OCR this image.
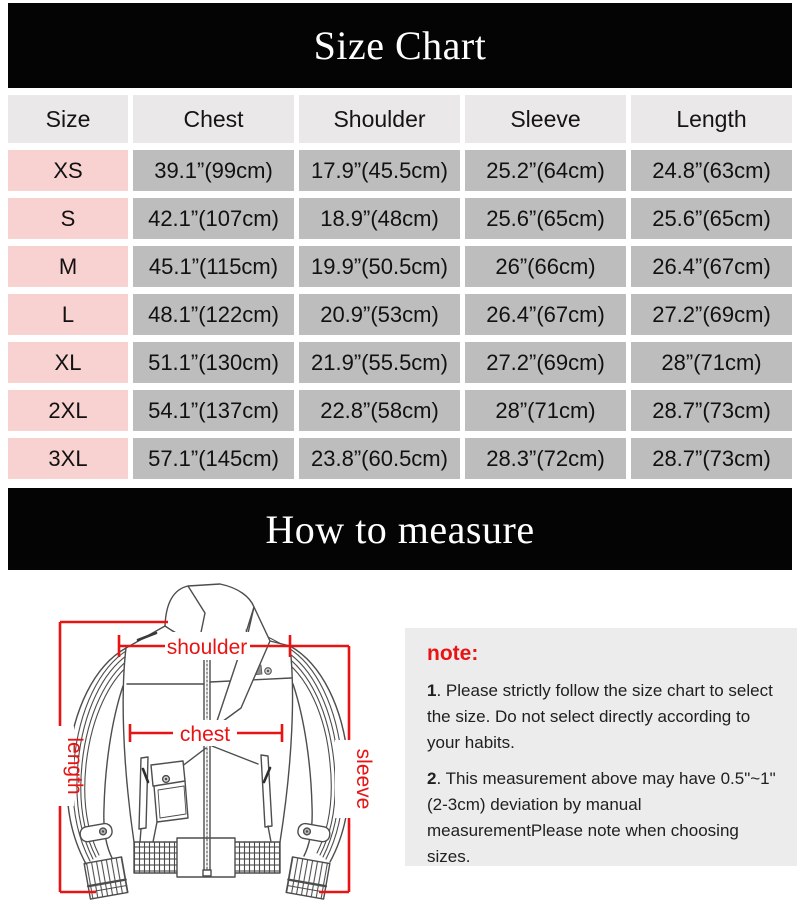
Size Chart
Size	Chest	Shoulder	Sleeve	Length
XS	39.1”(99cm)	17.9”(45.5cm)	25.2”(64cm)	24.8”(63cm)
S	42.1”(107cm)	18.9”(48cm)	25.6”(65cm)	25.6”(65cm)
M	45.1”(115cm)	19.9”(50.5cm)	26”(66cm)	26.4”(67cm)
L	48.1”(122cm)	20.9”(53cm)	26.4”(67cm)	27.2”(69cm)
XL	51.1”(130cm)	21.9”(55.5cm)	27.2”(69cm)	28”(71cm)
2XL	54.1”(137cm)	22.8”(58cm)	28”(71cm)	28.7”(73cm)
3XL	57.1”(145cm)	23.8”(60.5cm)	28.3”(72cm)	28.7”(73cm)
How to measure
shoulder
chest
length	sleeve
note:

1. Please strictly follow the size chart to select the size. Do not select directly according to your habits.

2. This measurement above may have 0.5"~1"(2-3cm) deviation by manual measurementPlease note when choosing sizes.
